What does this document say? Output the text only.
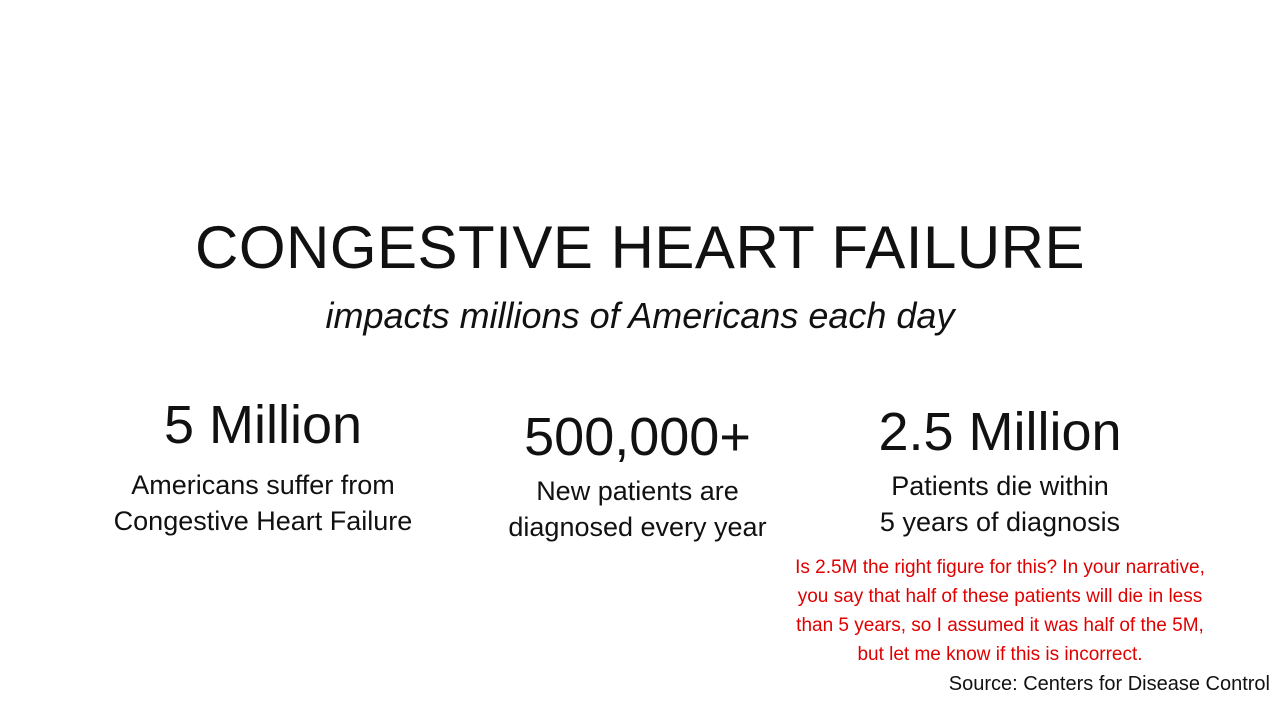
CONGESTIVE HEART FAILURE

impacts millions of Americans each day

5 Million
Americans suffer from
Congestive Heart Failure
500,000+
New patients are
diagnosed every year
2.5 Million
Patients die within
5 years of diagnosis
Is 2.5M the right figure for this? In your narrative,
you say that half of these patients will die in less
than 5 years, so I assumed it was half of the 5M,
but let me know if this is incorrect.
Source: Centers for Disease Control
